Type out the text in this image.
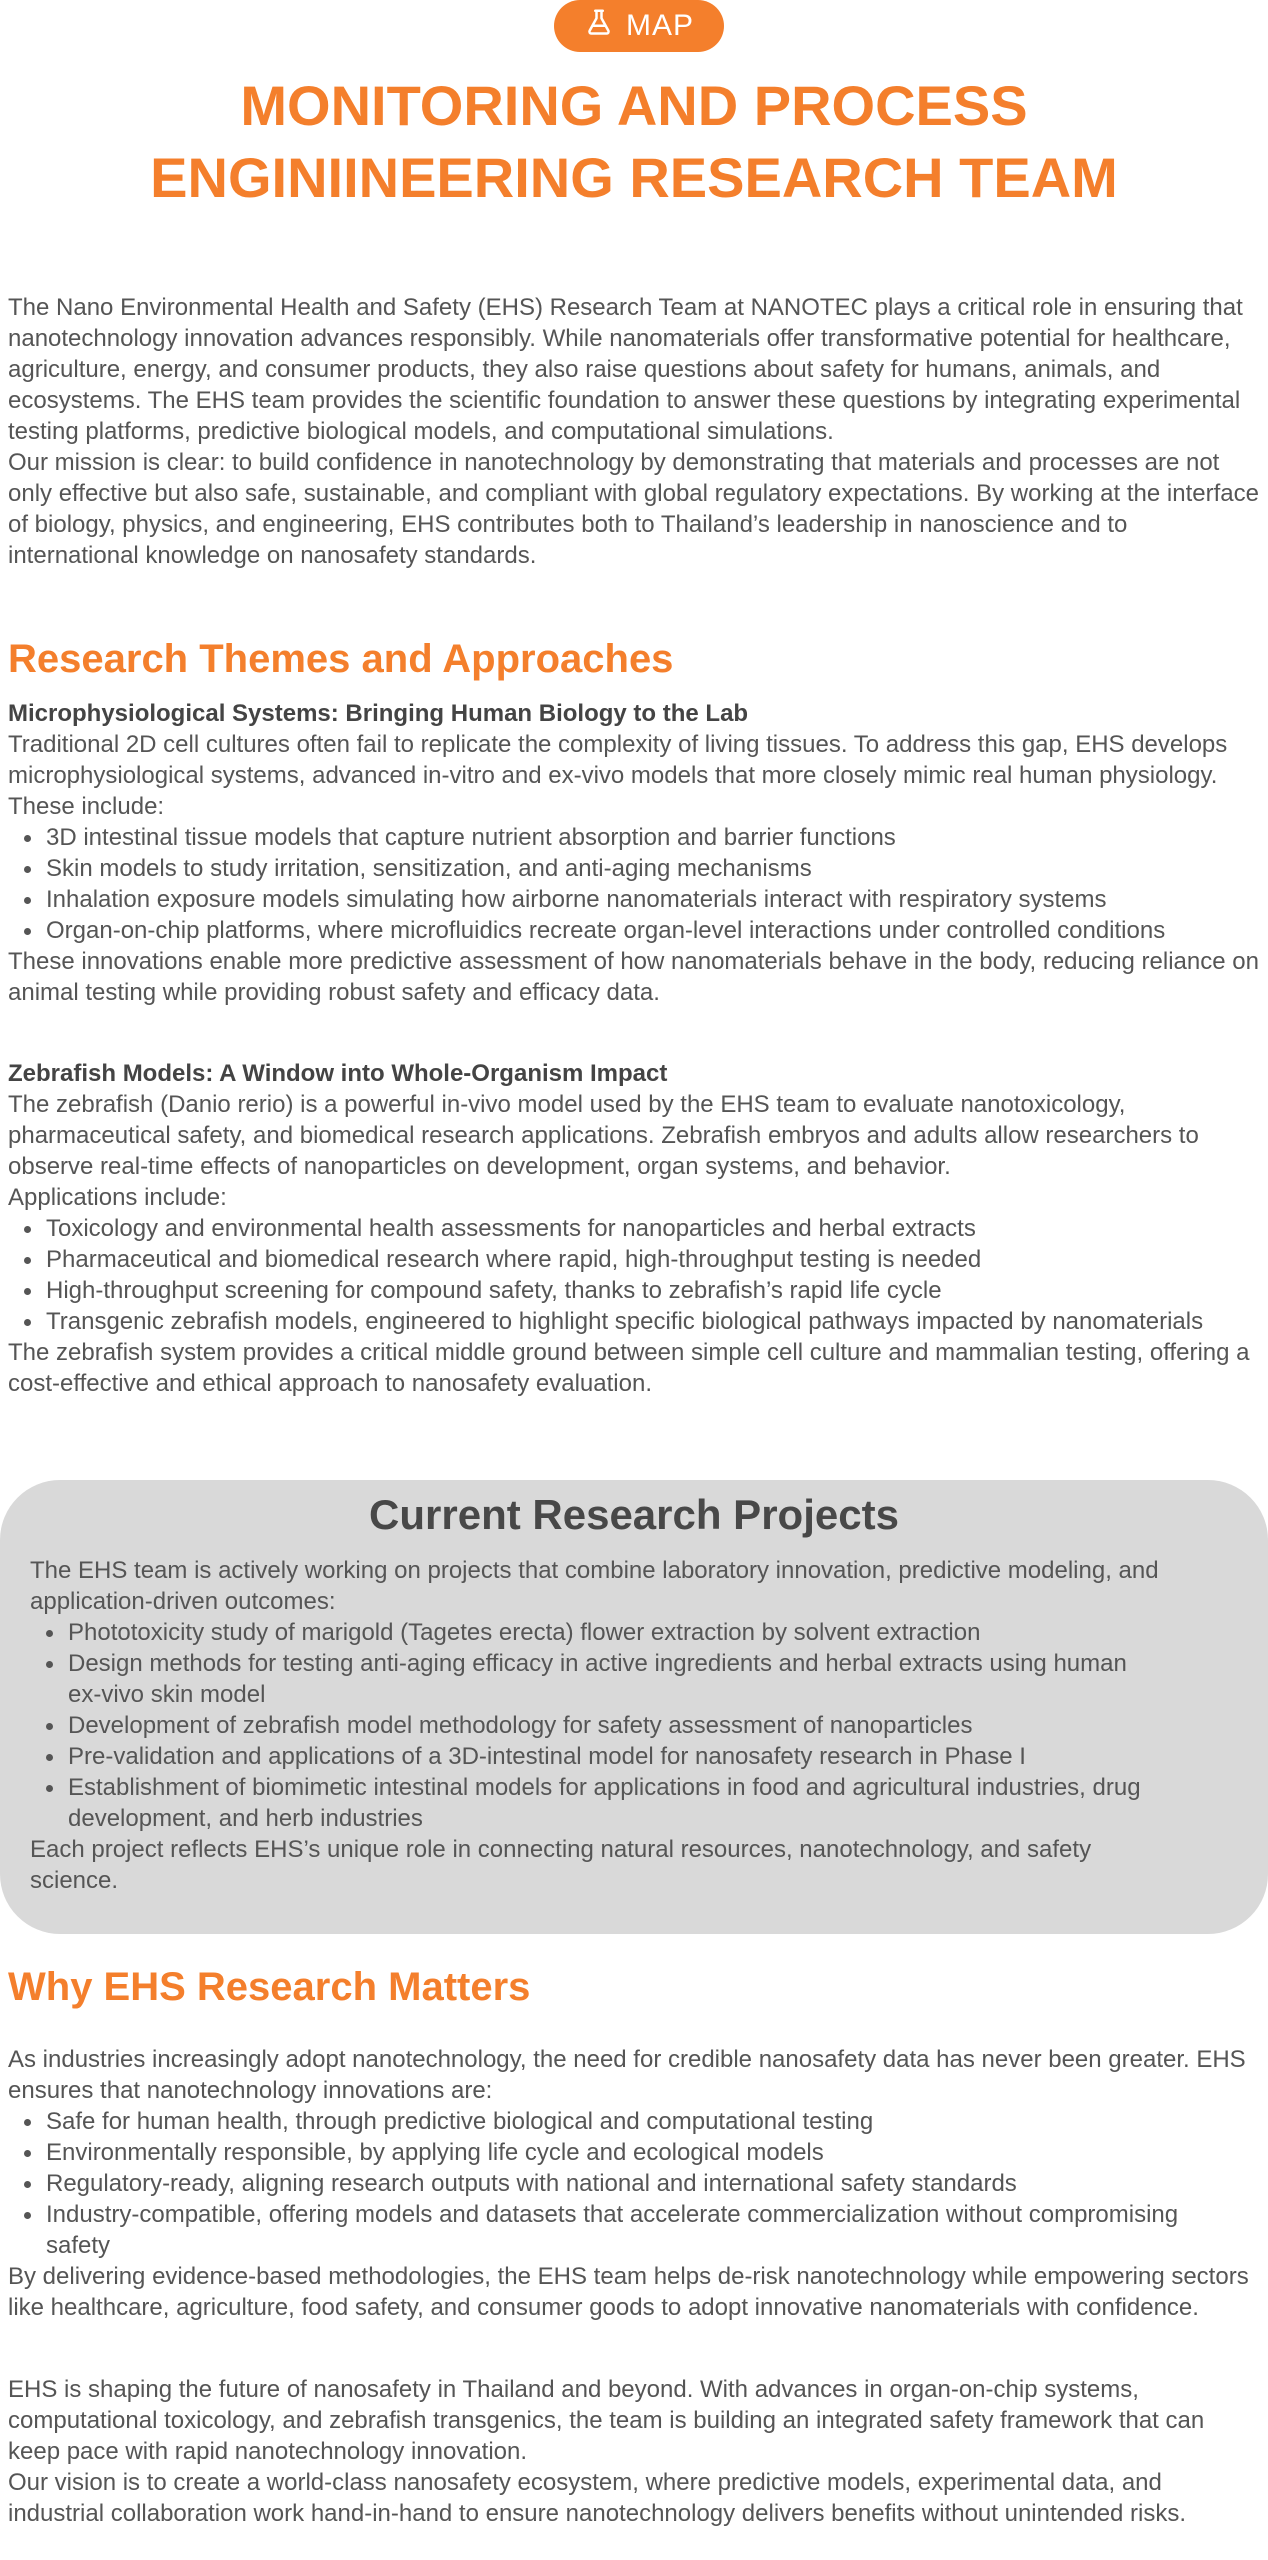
MAP
MONITORING AND PROCESS
ENGINIINEERING RESEARCH TEAM

The Nano Environmental Health and Safety (EHS) Research Team at NANOTEC plays a critical role in ensuring that nanotechnology innovation advances responsibly. While nanomaterials offer transformative potential for healthcare, agriculture, energy, and consumer products, they also raise questions about safety for humans, animals, and ecosystems. The EHS team provides the scientific foundation to answer these questions by integrating experimental testing platforms, predictive biological models, and computational simulations.

Our mission is clear: to build confidence in nanotechnology by demonstrating that materials and processes are not only effective but also safe, sustainable, and compliant with global regulatory expectations. By working at the interface of biology, physics, and engineering, EHS contributes both to Thailand’s leadership in nanoscience and to international knowledge on nanosafety standards.

Research Themes and Approaches
Microphysiological Systems: Bringing Human Biology to the Lab

Traditional 2D cell cultures often fail to replicate the complexity of living tissues. To address this gap, EHS develops microphysiological systems, advanced in-vitro and ex-vivo models that more closely mimic real human physiology. These include:

3D intestinal tissue models that capture nutrient absorption and barrier functions
Skin models to study irritation, sensitization, and anti-aging mechanisms
Inhalation exposure models simulating how airborne nanomaterials interact with respiratory systems
Organ-on-chip platforms, where microfluidics recreate organ-level interactions under controlled conditions

These innovations enable more predictive assessment of how nanomaterials behave in the body, reducing reliance on animal testing while providing robust safety and efficacy data.

Zebrafish Models: A Window into Whole-Organism Impact

The zebrafish (Danio rerio) is a powerful in-vivo model used by the EHS team to evaluate nanotoxicology, pharmaceutical safety, and biomedical research applications. Zebrafish embryos and adults allow researchers to observe real-time effects of nanoparticles on development, organ systems, and behavior.

Applications include:

Toxicology and environmental health assessments for nanoparticles and herbal extracts
Pharmaceutical and biomedical research where rapid, high-throughput testing is needed
High-throughput screening for compound safety, thanks to zebrafish’s rapid life cycle
Transgenic zebrafish models, engineered to highlight specific biological pathways impacted by nanomaterials

The zebrafish system provides a critical middle ground between simple cell culture and mammalian testing, offering a cost-effective and ethical approach to nanosafety evaluation.

Current Research Projects

The EHS team is actively working on projects that combine laboratory innovation, predictive modeling, and application-driven outcomes:

Phototoxicity study of marigold (Tagetes erecta) flower extraction by solvent extraction
Design methods for testing anti-aging efficacy in active ingredients and herbal extracts using human ex-vivo skin model
Development of zebrafish model methodology for safety assessment of nanoparticles
Pre-validation and applications of a 3D-intestinal model for nanosafety research in Phase I
Establishment of biomimetic intestinal models for applications in food and agricultural industries, drug development, and herb industries

Each project reflects EHS’s unique role in connecting natural resources, nanotechnology, and safety science.

Why EHS Research Matters

As industries increasingly adopt nanotechnology, the need for credible nanosafety data has never been greater. EHS ensures that nanotechnology innovations are:

Safe for human health, through predictive biological and computational testing
Environmentally responsible, by applying life cycle and ecological models
Regulatory-ready, aligning research outputs with national and international safety standards
Industry-compatible, offering models and datasets that accelerate commercialization without compromising safety

By delivering evidence-based methodologies, the EHS team helps de-risk nanotechnology while empowering sectors like healthcare, agriculture, food safety, and consumer goods to adopt innovative nanomaterials with confidence.

EHS is shaping the future of nanosafety in Thailand and beyond. With advances in organ-on-chip systems, computational toxicology, and zebrafish transgenics, the team is building an integrated safety framework that can keep pace with rapid nanotechnology innovation.

Our vision is to create a world-class nanosafety ecosystem, where predictive models, experimental data, and industrial collaboration work hand-in-hand to ensure nanotechnology delivers benefits without unintended risks.
